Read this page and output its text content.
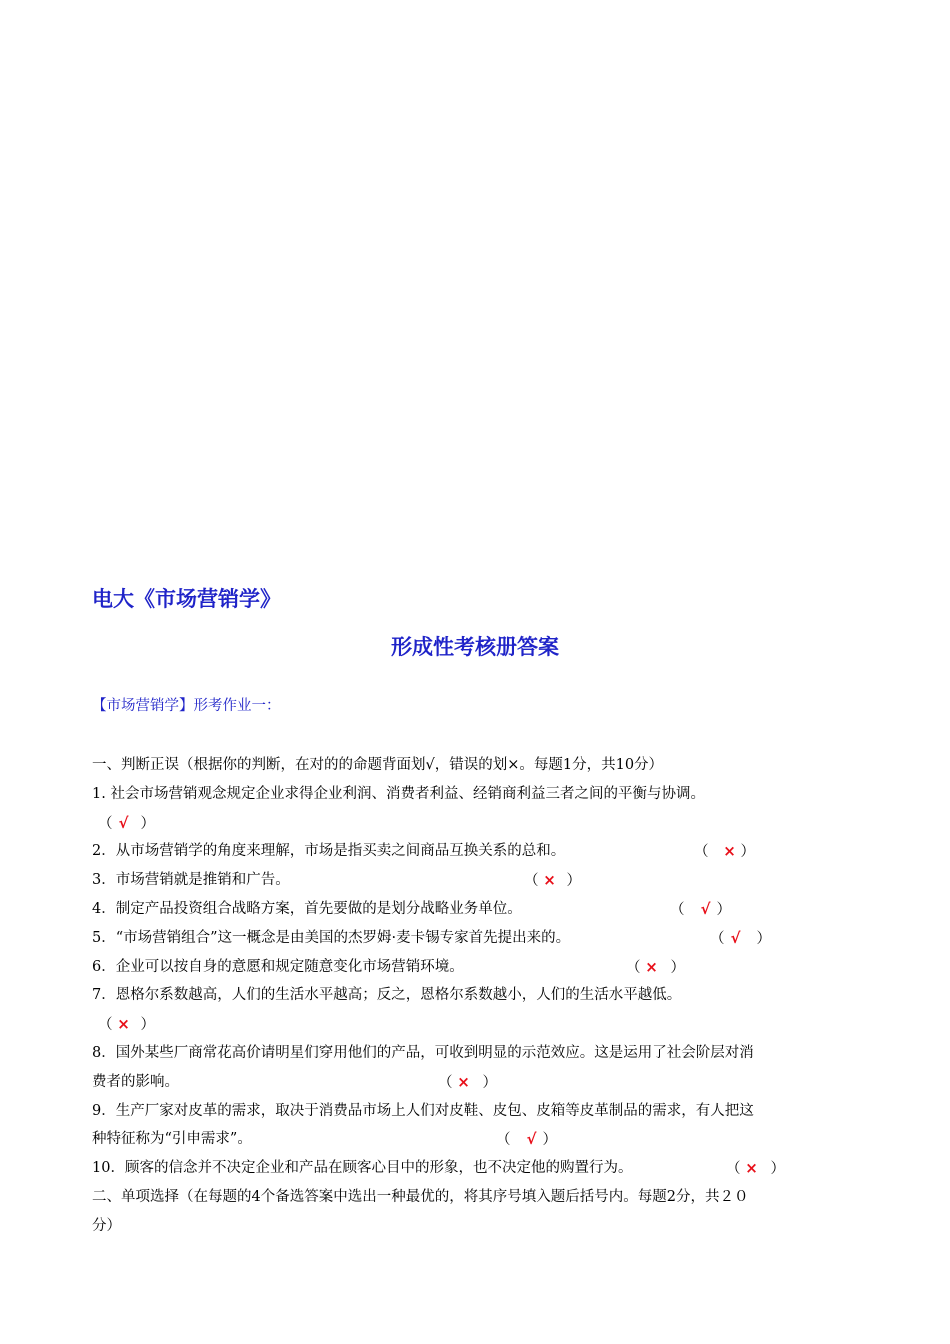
电大《市场营销学》
形成性考核册答案
【市场营销学】形考作业一：
一、判断正误（根据你的判断，在对的的命题背面划√，错误的划×。每题1分，共10分）
1. 社会市场营销观念规定企业求得企业利润、消费者利益、经销商利益三者之间的平衡与协调。
（ √ ）
2．从市场营销学的角度来理解，市场是指买卖之间商品互换关系的总和。	（ × ）
3．市场营销就是推销和广告。	（ × ）
4．制定产品投资组合战略方案，首先要做的是划分战略业务单位。	（ √ ）
5．“市场营销组合”这一概念是由美国的杰罗姆·麦卡锡专家首先提出来的。	（ √ ）
6．企业可以按自身的意愿和规定随意变化市场营销环境。	（ × ）
7．恩格尔系数越高，人们的生活水平越高；反之，恩格尔系数越小，人们的生活水平越低。
（ × ）
8．国外某些厂商常花高价请明星们穿用他们的产品，可收到明显的示范效应。这是运用了社会阶层对消
费者的影响。	（ × ）
9．生产厂家对皮革的需求，取决于消费品市场上人们对皮鞋、皮包、皮箱等皮革制品的需求，有人把这
种特征称为“引申需求”。	（ √ ）
10．顾客的信念并不决定企业和产品在顾客心目中的形象，也不决定他的购置行为。	（ × ）
二、单项选择（在每题的4个备选答案中选出一种最优的，将其序号填入题后括号内。每题2分，共２０
分）
